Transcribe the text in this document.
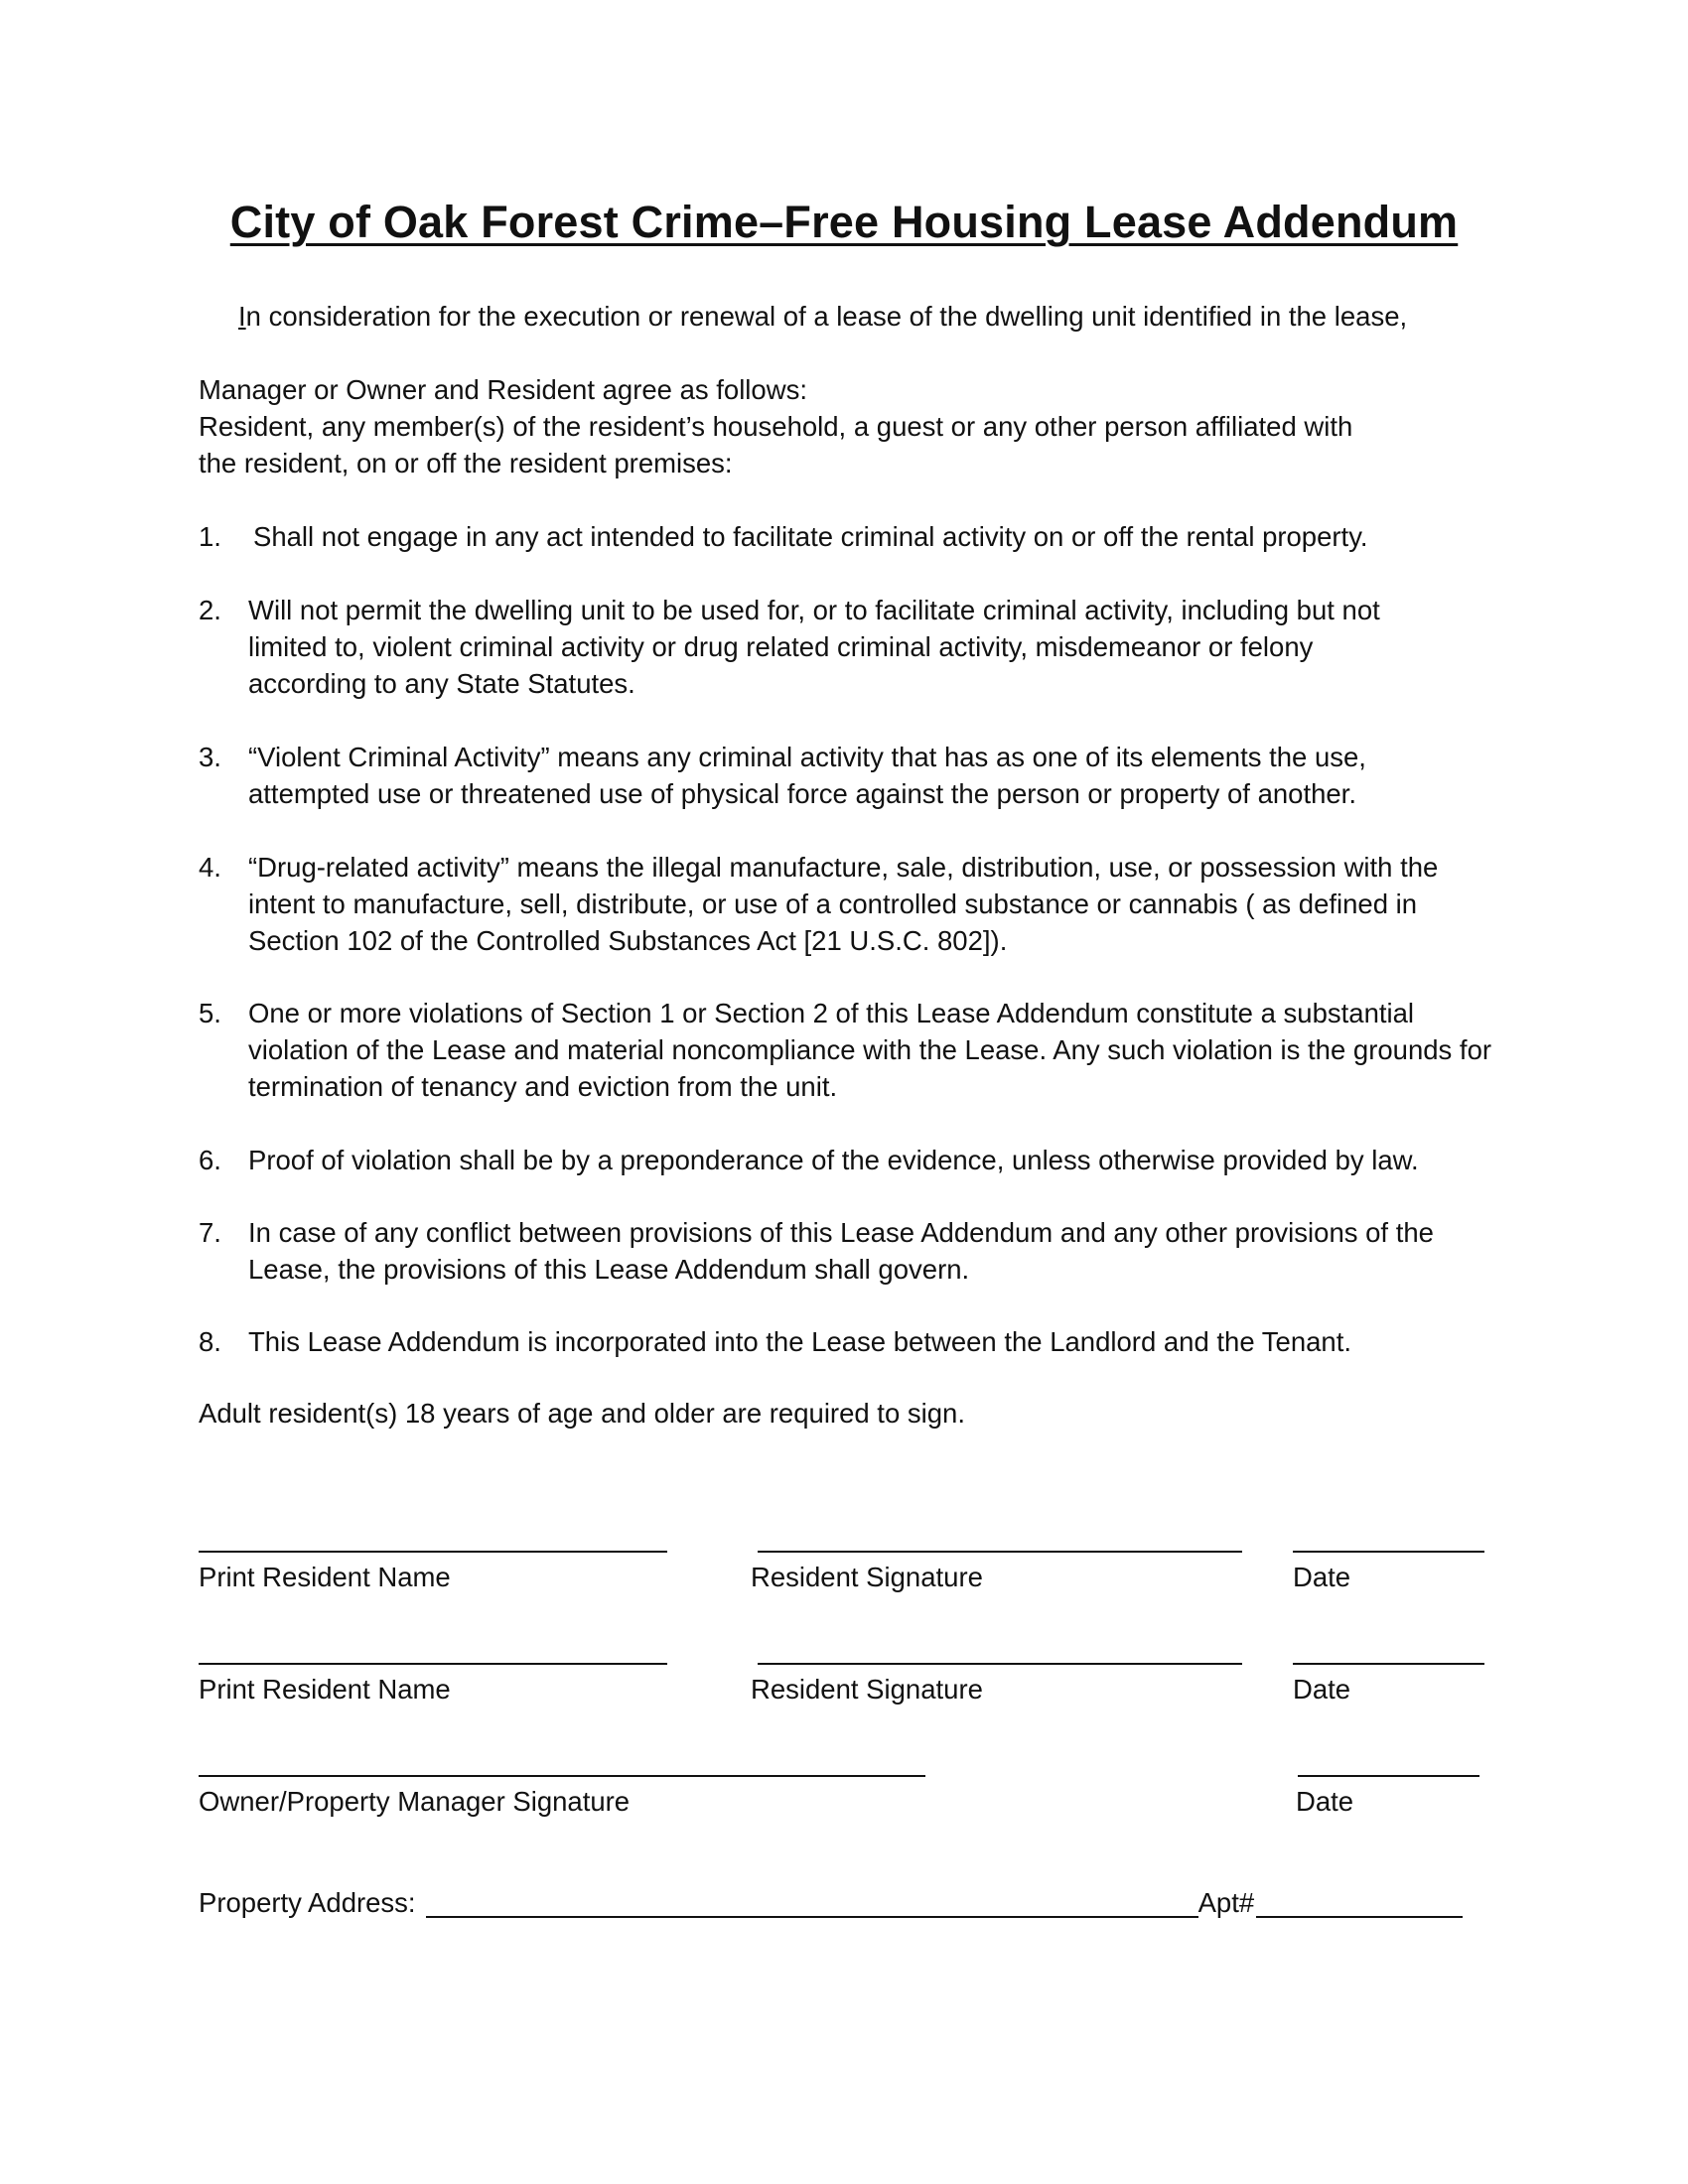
City of Oak Forest Crime–Free Housing Lease Addendum
In consideration for the execution or renewal of a lease of the dwelling unit identified in the lease,
Manager or Owner and Resident agree as follows:
Resident, any member(s) of the resident’s household, a guest or any other person affiliated with
the resident, on or off the resident premises:
1.	Shall not engage in any act intended to facilitate criminal activity on or off the rental property.
2. Will not permit the dwelling unit to be used for, or to facilitate criminal activity, including but not limited to, violent criminal activity or drug related criminal activity, misdemeanor or felony according to any State Statutes.
3. “Violent Criminal Activity” means any criminal activity that has as one of its elements the use, attempted use or threatened use of physical force against the person or property of another.
4. “Drug-related activity” means the illegal manufacture, sale, distribution, use, or possession with the intent to manufacture, sell, distribute, or use of a controlled substance or cannabis ( as defined in Section 102 of the Controlled Substances Act [21 U.S.C. 802]).
5. One or more violations of Section 1 or Section 2 of this Lease Addendum constitute a substantial violation of the Lease and material noncompliance with the Lease. Any such violation is the grounds for termination of tenancy and eviction from the unit.
6. Proof of violation shall be by a preponderance of the evidence, unless otherwise provided by law.
7. In case of any conflict between provisions of this Lease Addendum and any other provisions of the Lease, the provisions of this Lease Addendum shall govern.
8. This Lease Addendum is incorporated into the Lease between the Landlord and the Tenant.
Adult resident(s) 18 years of age and older are required to sign.
Print Resident Name	Resident Signature	Date
Print Resident Name	Resident Signature	Date
Owner/Property Manager Signature	Date
Property Address:	Apt#
